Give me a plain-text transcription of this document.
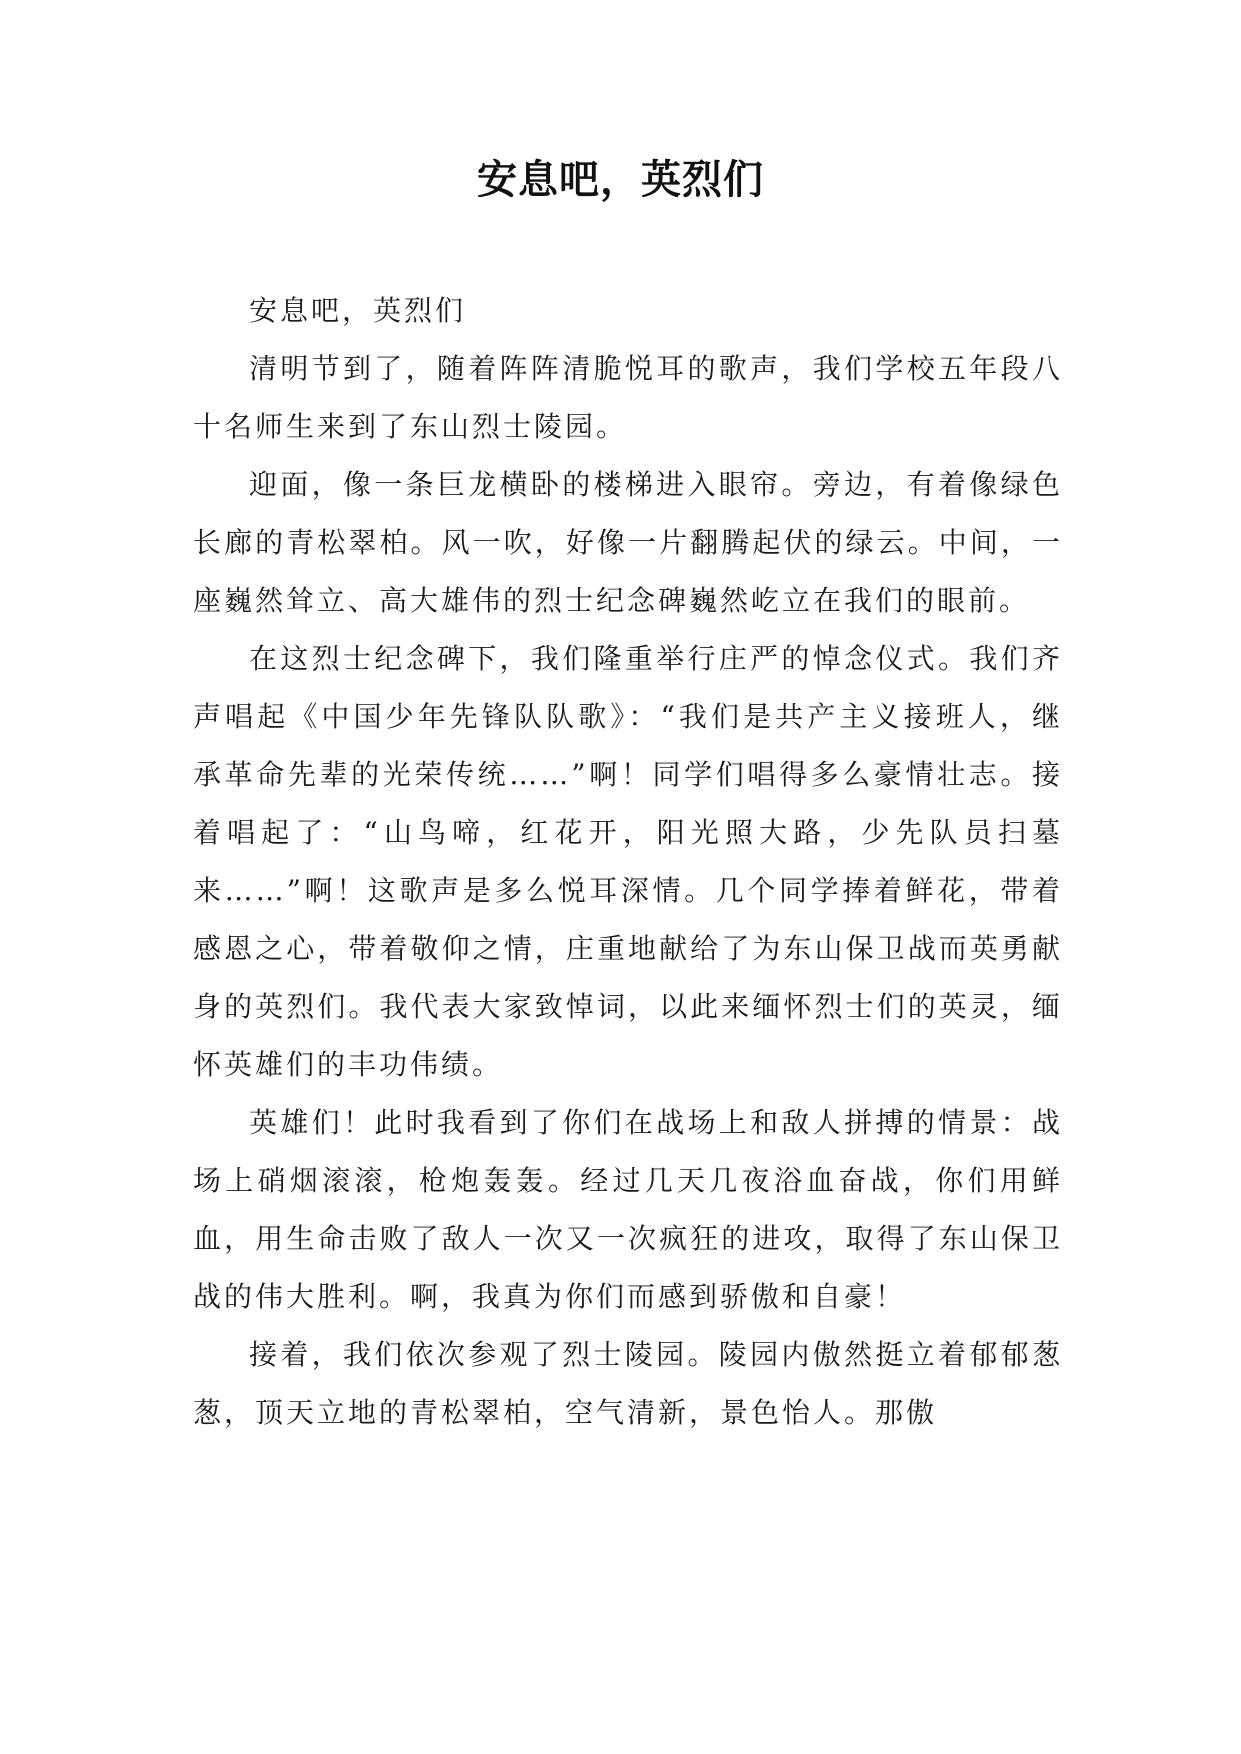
安息吧，英烈们

安息吧，英烈们

清明节到了，随着阵阵清脆悦耳的歌声，我们学校五年段八十名师生来到了东山烈士陵园。

迎面，像一条巨龙横卧的楼梯进入眼帘。旁边，有着像绿色长廊的青松翠柏。风一吹，好像一片翻腾起伏的绿云。中间，一座巍然耸立、高大雄伟的烈士纪念碑巍然屹立在我们的眼前。

在这烈士纪念碑下，我们隆重举行庄严的悼念仪式。我们齐声唱起《中国少年先锋队队歌》：“我们是共产主义接班人，继承革命先辈的光荣传统……”啊！同学们唱得多么豪情壮志。接着唱起了：“山鸟啼，红花开，阳光照大路，少先队员扫墓来……”啊！这歌声是多么悦耳深情。几个同学捧着鲜花，带着感恩之心，带着敬仰之情，庄重地献给了为东山保卫战而英勇献身的英烈们。我代表大家致悼词，以此来缅怀烈士们的英灵，缅怀英雄们的丰功伟绩。

英雄们！此时我看到了你们在战场上和敌人拼搏的情景：战场上硝烟滚滚，枪炮轰轰。经过几天几夜浴血奋战，你们用鲜血，用生命击败了敌人一次又一次疯狂的进攻，取得了东山保卫战的伟大胜利。啊，我真为你们而感到骄傲和自豪！

接着，我们依次参观了烈士陵园。陵园内傲然挺立着郁郁葱葱，顶天立地的青松翠柏，空气清新，景色怡人。那傲
